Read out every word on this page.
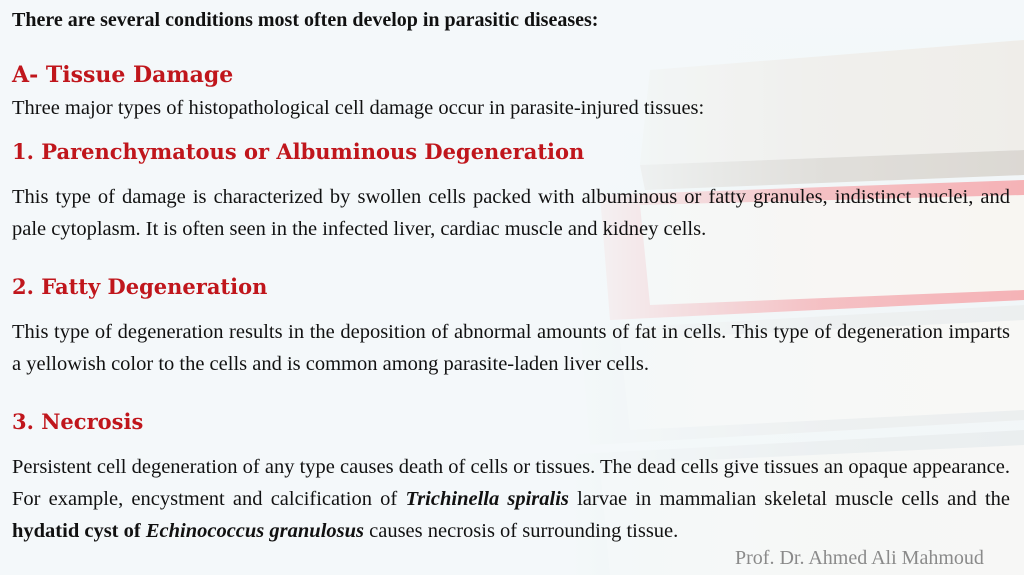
There are several conditions most often develop in parasitic diseases:

A- Tissue Damage

Three major types of histopathological cell damage occur in parasite-injured tissues:

1. Parenchymatous or Albuminous Degeneration

This type of damage is characterized by swollen cells packed with albuminous or fatty granules, indistinct nuclei, and pale cytoplasm. It is often seen in the infected liver, cardiac muscle and kidney cells.

2. Fatty Degeneration

This type of degeneration results in the deposition of abnormal amounts of fat in cells. This type of degeneration imparts a yellowish color to the cells and is common among parasite-laden liver cells.

3. Necrosis

Persistent cell degeneration of any type causes death of cells or tissues. The dead cells give tissues an opaque appearance. For example, encystment and calcification of Trichinella spiralis larvae in mammalian skeletal muscle cells and the hydatid cyst of Echinococcus granulosus causes necrosis of surrounding tissue.

Prof. Dr. Ahmed Ali Mahmoud
